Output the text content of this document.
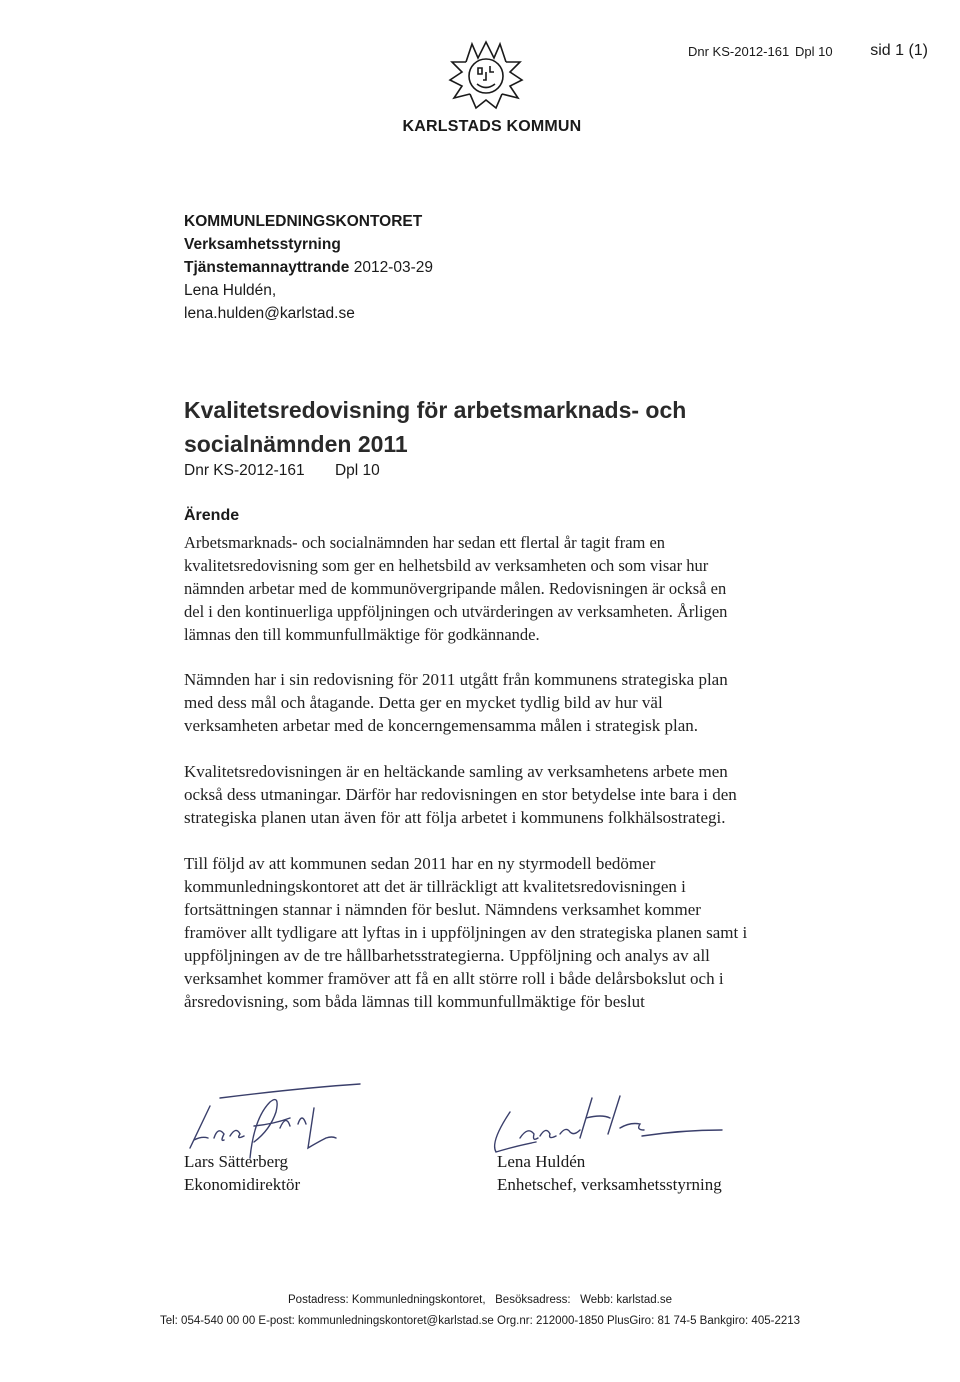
Dnr KS-2012-161 Dpl 10 sid 1 (1)
KARLSTADS KOMMUN
KOMMUNLEDNINGSKONTORET
Verksamhetsstyrning
Tjänstemannayttrande 2012-03-29
Lena Huldén,
lena.hulden@karlstad.se
Kvalitetsredovisning för arbetsmarknads- och
socialnämnden 2011
Dnr KS-2012-161 Dpl 10
Ärende
Arbetsmarknads- och socialnämnden har sedan ett flertal år tagit fram en
kvalitetsredovisning som ger en helhetsbild av verksamheten och som visar hur
nämnden arbetar med de kommunövergripande målen. Redovisningen är också en
del i den kontinuerliga uppföljningen och utvärderingen av verksamheten. Årligen
lämnas den till kommunfullmäktige för godkännande.
Nämnden har i sin redovisning för 2011 utgått från kommunens strategiska plan
med dess mål och åtagande. Detta ger en mycket tydlig bild av hur väl
verksamheten arbetar med de koncerngemensamma målen i strategisk plan.
Kvalitetsredovisningen är en heltäckande samling av verksamhetens arbete men
också dess utmaningar. Därför har redovisningen en stor betydelse inte bara i den
strategiska planen utan även för att följa arbetet i kommunens folkhälsostrategi.
Till följd av att kommunen sedan 2011 har en ny styrmodell bedömer
kommunledningskontoret att det är tillräckligt att kvalitetsredovisningen i
fortsättningen stannar i nämnden för beslut. Nämndens verksamhet kommer
framöver allt tydligare att lyftas in i uppföljningen av den strategiska planen samt i
uppföljningen av de tre hållbarhetsstrategierna. Uppföljning och analys av all
verksamhet kommer framöver att få en allt större roll i både delårsbokslut och i
årsredovisning, som båda lämnas till kommunfullmäktige för beslut
Lars Sätterberg
Ekonomidirektör
Lena Huldén
Enhetschef, verksamhetsstyrning
Postadress: Kommunledningskontoret,   Besöksadress:   Webb: karlstad.se
Tel: 054-540 00 00 E-post: kommunledningskontoret@karlstad.se Org.nr: 212000-1850 PlusGiro: 81 74-5 Bankgiro: 405-2213
